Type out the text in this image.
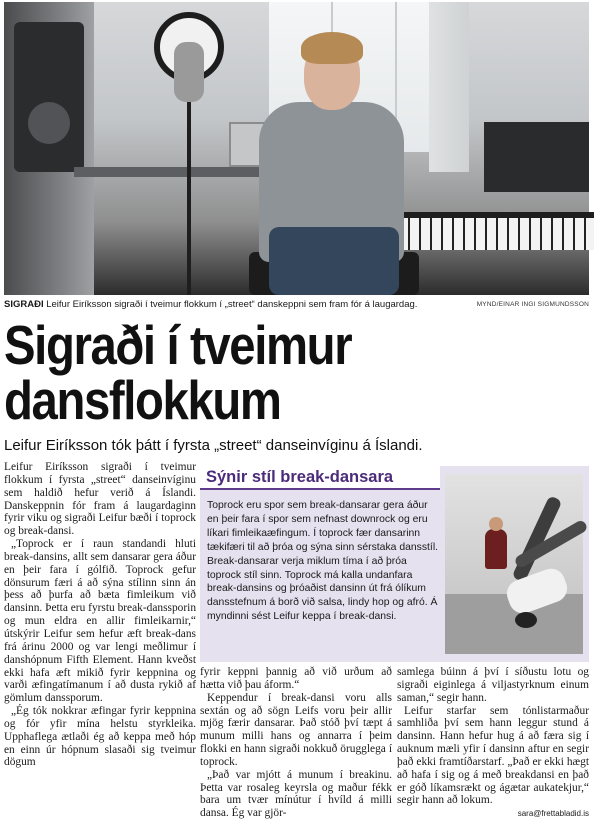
SIGRAÐI Leifur Eiríksson sigraði í tveimur flokkum í „street“ danskeppni sem fram fór á laugardag.	MYND/EINAR INGI SIGMUNDSSON
Sigraði í tveimur
dansflokkum
Leifur Eiríksson tók þátt í fyrsta „street“ danseinvíginu á Íslandi.

Leifur Eiríksson sigraði í tveimur flokkum í fyrsta „street“ danseinvíginu sem haldið hefur verið á Íslandi. Danskeppnin fór fram á laugardaginn fyrir viku og sigraði Leifur bæði í toprock og break-dansi.

„Toprock er í raun standandi hluti break-dansins, allt sem dansarar gera áður en þeir fara í gólfið. Toprock gefur dönsurum færi á að sýna stílinn sinn án þess að þurfa að bæta fimleikum við dansinn. Þetta eru fyrstu break-danssporin og mun eldra en allir fimleikarnir,“ útskýrir Leifur sem hefur æft break-dans frá árinu 2000 og var lengi meðlimur í danshópnum Fifth Element. Hann kveðst ekki hafa æft mikið fyrir keppnina og varði æfingatímanum í að dusta rykið af gömlum danssporum.

„Ég tók nokkrar æfingar fyrir keppnina og fór yfir mína helstu styrkleika. Upphaflega ætlaði ég að keppa með hóp en einn úr hópnum slasaði sig tveimur dögum

Sýnir stíl break-dansara
Toprock eru spor sem break-dansarar gera áður en þeir fara í spor sem nefnast downrock og eru líkari fimleikaæfingum. Í toprock fær dansarinn tækifæri til að þróa og sýna sinn sérstaka dansstíl. Break-dansarar verja miklum tíma í að þróa toprock stíl sinn. Toprock má kalla undanfara break-dansins og þróaðist dansinn út frá ólíkum dansstefnum á borð við salsa, lindy hop og afró. Á myndinni sést Leifur keppa í break-dansi.

fyrir keppni þannig að við urðum að hætta við þau áform.“

Keppendur í break-dansi voru alls sextán og að sögn Leifs voru þeir allir mjög færir dansarar. Það stóð því tæpt á munum milli hans og annarra í þeim flokki en hann sigraði nokkuð örugglega í toprock.

„Það var mjótt á munum í breakinu. Þetta var rosaleg keyrsla og maður fékk bara um tvær mínútur í hvíld á milli dansa. Ég var gjör-

samlega búinn á því í síðustu lotu og sigraði eiginlega á viljastyrknum einum saman,“ segir hann.

Leifur starfar sem tónlistarmaður samhliða því sem hann leggur stund á dansinn. Hann hefur hug á að færa sig í auknum mæli yfir í dansinn aftur en segir það ekki framtíðarstarf. „Það er ekki hægt að hafa í sig og á með breakdansi en það er góð líkamsrækt og ágætar aukatekjur,“ segir hann að lokum.

sara@frettabladid.is
